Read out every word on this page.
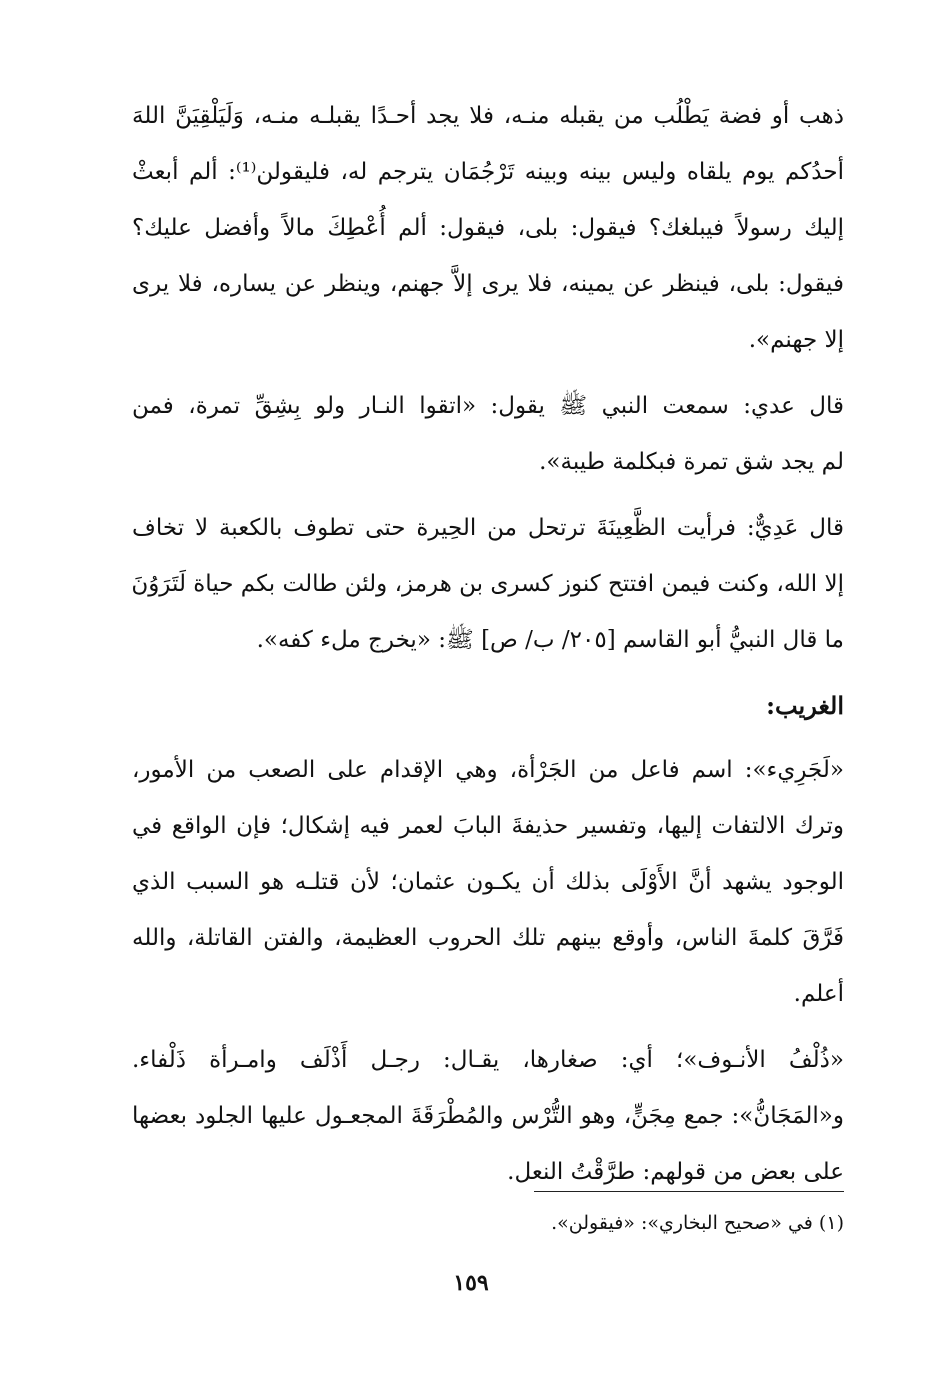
ذهب أو فضة يَطْلُب من يقبله منـه، فلا يجد أحـدًا يقبلـه منـه، وَلَيَلْقِيَنَّ اللهَ
أحدُكم يوم يلقاه وليس بينه وبينه تَرْجُمَان يترجم له، فليقولن⁽¹⁾: ألم أبعثْ
إليك رسولاً فيبلغك؟ فيقول: بلى، فيقول: ألم أُعْطِكَ مالاً وأفضل عليك؟
فيقول: بلى، فينظر عن يمينه، فلا يرى إلاَّ جهنم، وينظر عن يساره، فلا يرى
إلا جهنم».
قال عدي: سمعت النبي ﷺ يقول: «اتقوا النـار ولو بِشِقِّ تمرة، فمن
لم يجد شق تمرة فبكلمة طيبة».
قال عَدِيٌّ: فرأيت الظَّعِينَةَ ترتحل من الحِيرة حتى تطوف بالكعبة لا تخاف
إلا الله، وكنت فيمن افتتح كنوز كسرى بن هرمز، ولئن طالت بكم حياة لَتَرَوُنَ
ما قال النبيُّ أبو القاسم [٢٠٥/ ب/ ص] ﷺ: «يخرج ملء كفه».
الغريب:
«لَجَرِيء»: اسم فاعل من الجَرْأة، وهي الإقدام على الصعب من الأمور،
وترك الالتفات إليها، وتفسير حذيفةَ البابَ لعمر فيه إشكال؛ فإن الواقع في
الوجود يشهد أنَّ الأَوْلَى بذلك أن يكـون عثمان؛ لأن قتلـه هو السبب الذي
فَرَّقَ كلمةَ الناس، وأوقع بينهم تلك الحروب العظيمة، والفتن القاتلة، والله
أعلم.
«ذُلْفُ الأنـوف»؛ أي: صغارها، يقـال: رجـل أَذْلَف وامـرأة ذَلْفاء.
و«المَجَانُّ»: جمع مِجَنٍّ، وهو التُّرْس والمُطْرَقَةَ المجعـول عليها الجلود بعضها
على بعض من قولهم: طرَّقْتُ النعل.
(١) في «صحيح البخاري»: «فيقولن».
١٥٩
